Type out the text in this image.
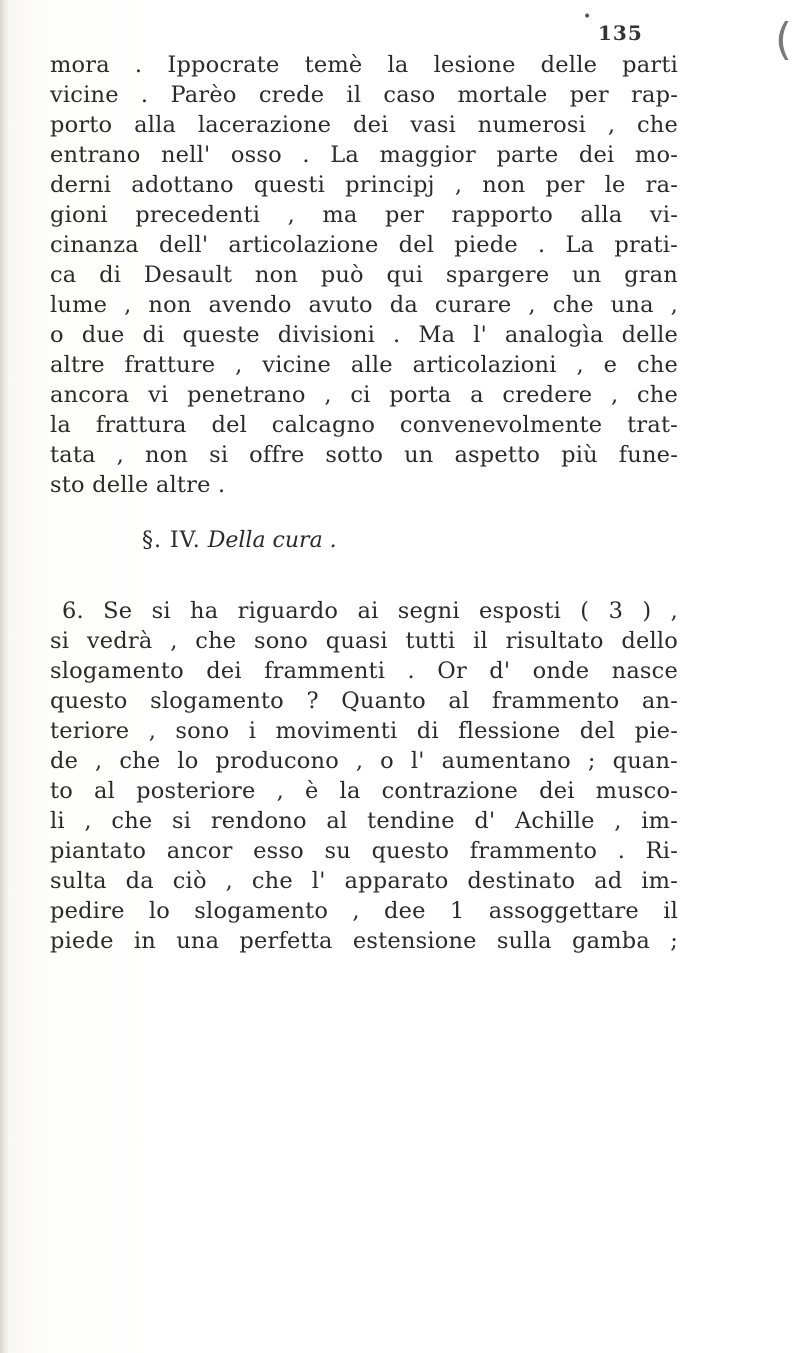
(
•
135
mora . Ippocrate temè la lesione delle parti
vicine . Parèo crede il caso mortale per rap-
porto alla lacerazione dei vasi numerosi , che
entrano nell' osso . La maggior parte dei mo-
derni adottano questi principj , non per le ra-
gioni precedenti , ma per rapporto alla vi-
cinanza dell' articolazione del piede . La prati-
ca di Desault non può qui spargere un gran
lume , non avendo avuto da curare , che una ,
o due di queste divisioni . Ma l' analogìa delle
altre fratture , vicine alle articolazioni , e che
ancora vi penetrano , ci porta a credere , che
la frattura del calcagno convenevolmente trat-
tata , non si offre sotto un aspetto più fune-
sto delle altre .
§. IV. Della cura .
6. Se si ha riguardo ai segni esposti ( 3 ) ,
si vedrà , che sono quasi tutti il risultato dello
slogamento dei frammenti . Or d' onde nasce
questo slogamento ? Quanto al frammento an-
teriore , sono i movimenti di flessione del pie-
de , che lo producono , o l' aumentano ; quan-
to al posteriore , è la contrazione dei musco-
li , che si rendono al tendine d' Achille , im-
piantato ancor esso su questo frammento . Ri-
sulta da ciò , che l' apparato destinato ad im-
pedire lo slogamento , dee 1 assoggettare il
piede in una perfetta estensione sulla gamba ;
